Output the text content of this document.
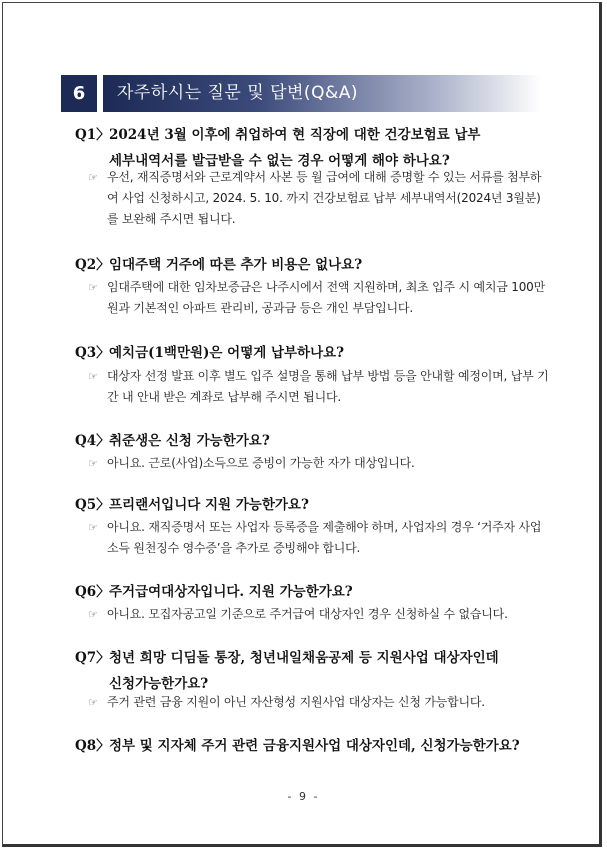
6	자주하시는 질문 및 답변(Q&A)
Q1〉2024년 3월 이후에 취업하여 현 직장에 대한 건강보험료 납부
세부내역서를 발급받을 수 없는 경우 어떻게 해야 하나요?
☞ 우선, 재직증명서와 근로계약서 사본 등 월 급여에 대해 증명할 수 있는 서류를 첨부하여 사업 신청하시고, 2024. 5. 10. 까지 건강보험료 납부 세부내역서(2024년 3월분)를 보완해 주시면 됩니다.
Q2〉임대주택 거주에 따른 추가 비용은 없나요?
☞ 임대주택에 대한 임차보증금은 나주시에서 전액 지원하며, 최초 입주 시 예치금 100만원과 기본적인 아파트 관리비, 공과금 등은 개인 부담입니다.
Q3〉예치금(1백만원)은 어떻게 납부하나요?
☞ 대상자 선정 발표 이후 별도 입주 설명을 통해 납부 방법 등을 안내할 예정이며, 납부 기간 내 안내 받은 계좌로 납부해 주시면 됩니다.
Q4〉취준생은 신청 가능한가요?
☞ 아니요. 근로(사업)소득으로 증빙이 가능한 자가 대상입니다.
Q5〉프리랜서입니다 지원 가능한가요?
☞ 아니요. 재직증명서 또는 사업자 등록증을 제출해야 하며, 사업자의 경우 ‘거주자 사업소득 원천징수 영수증’을 추가로 증빙해야 합니다.
Q6〉주거급여대상자입니다. 지원 가능한가요?
☞ 아니요. 모집자공고일 기준으로 주거급여 대상자인 경우 신청하실 수 없습니다.
Q7〉청년 희망 디딤돌 통장, 청년내일채움공제 등 지원사업 대상자인데
신청가능한가요?
☞ 주거 관련 금융 지원이 아닌 자산형성 지원사업 대상자는 신청 가능합니다.
Q8〉정부 및 지자체 주거 관련 금융지원사업 대상자인데, 신청가능한가요?
- 9 -
